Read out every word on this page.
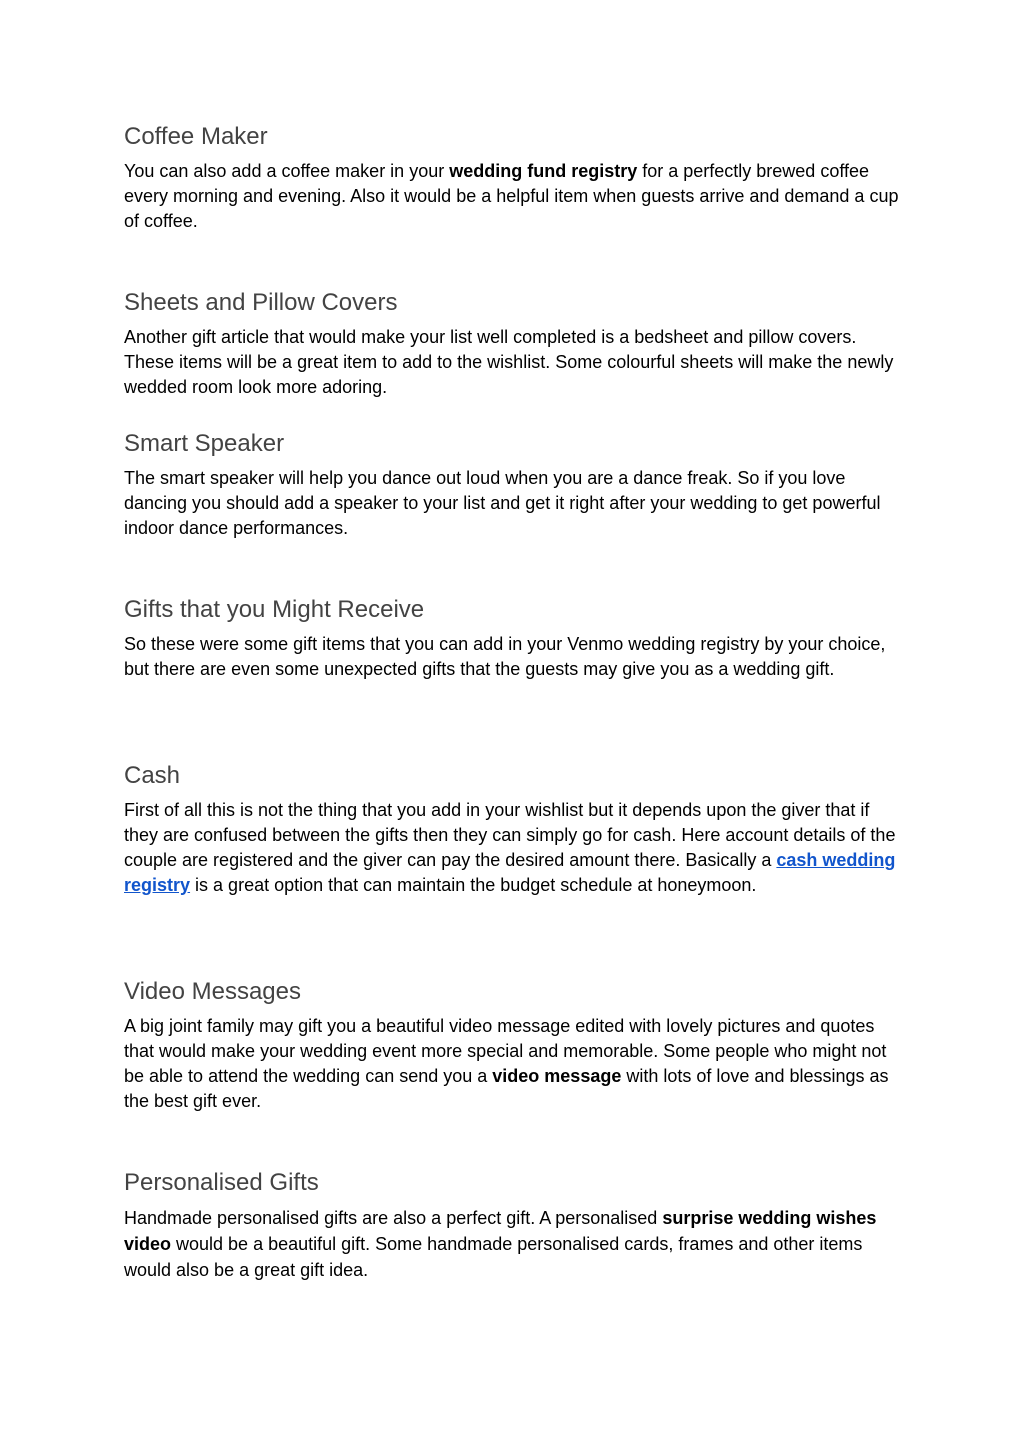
Coffee Maker

You can also add a coffee maker in your wedding fund registry for a perfectly brewed coffee every morning and evening. Also it would be a helpful item when guests arrive and demand a cup of coffee.

Sheets and Pillow Covers

Another gift article that would make your list well completed is a bedsheet and pillow covers. These items will be a great item to add to the wishlist. Some colourful sheets will make the newly wedded room look more adoring.

Smart Speaker

The smart speaker will help you dance out loud when you are a dance freak. So if you love dancing you should add a speaker to your list and get it right after your wedding to get powerful indoor dance performances.

Gifts that you Might Receive

So these were some gift items that you can add in your Venmo wedding registry by your choice, but there are even some unexpected gifts that the guests may give you as a wedding gift.

Cash

First of all this is not the thing that you add in your wishlist but it depends upon the giver that if they are confused between the gifts then they can simply go for cash. Here account details of the couple are registered and the giver can pay the desired amount there. Basically a cash wedding registry is a great option that can maintain the budget schedule at honeymoon.

Video Messages

A big joint family may gift you a beautiful video message edited with lovely pictures and quotes that would make your wedding event more special and memorable. Some people who might not be able to attend the wedding can send you a video message with lots of love and blessings as the best gift ever.

Personalised Gifts

Handmade personalised gifts are also a perfect gift. A personalised surprise wedding wishes video would be a beautiful gift. Some handmade personalised cards, frames and other items would also be a great gift idea.
